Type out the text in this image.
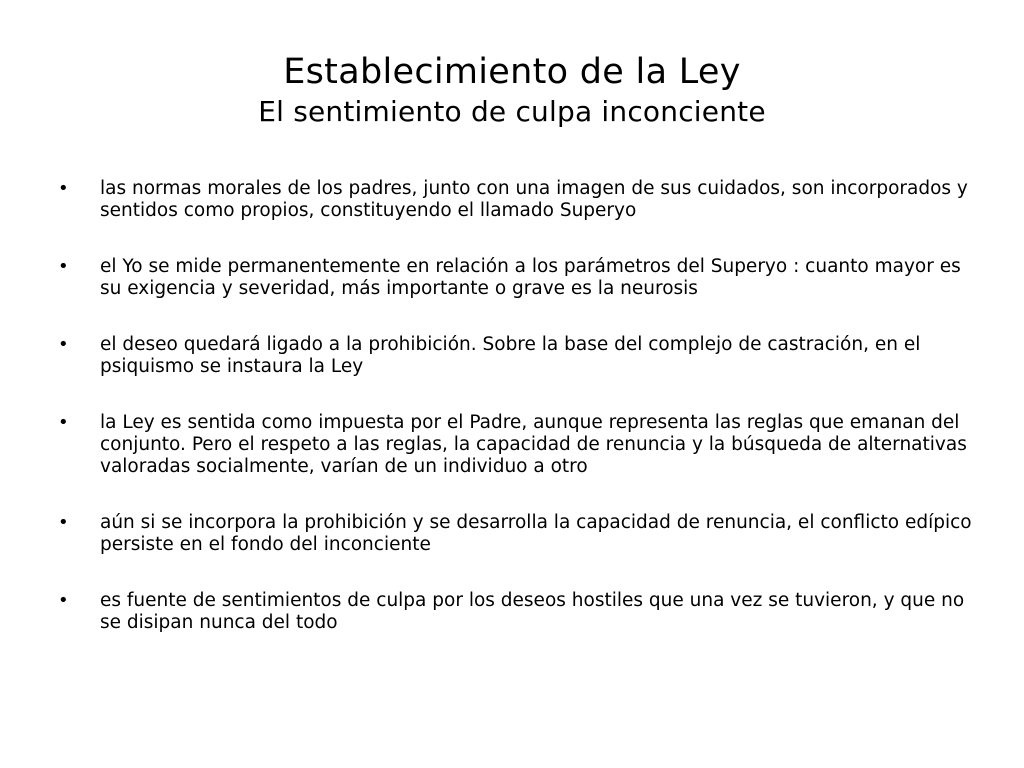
Establecimiento de la Ley
El sentimiento de culpa inconciente
•	las normas morales de los padres, junto con una imagen de sus cuidados, son incorporados y sentidos como propios, constituyendo el llamado Superyo
•	el Yo se mide permanentemente en relación a los parámetros del Superyo : cuanto mayor es su exigencia y severidad, más importante o grave es la neurosis
•	el deseo quedará ligado a la prohibición. Sobre la base del complejo de castración, en el psiquismo se instaura la Ley
•	la Ley es sentida como impuesta por el Padre, aunque representa las reglas que emanan del conjunto. Pero el respeto a las reglas, la capacidad de renuncia y la búsqueda de alternativas valoradas socialmente, varían de un individuo a otro
•	aún si se incorpora la prohibición y se desarrolla la capacidad de renuncia, el conflicto edípico persiste en el fondo del inconciente
•	es fuente de sentimientos de culpa por los deseos hostiles que una vez se tuvieron, y que no se disipan nunca del todo
